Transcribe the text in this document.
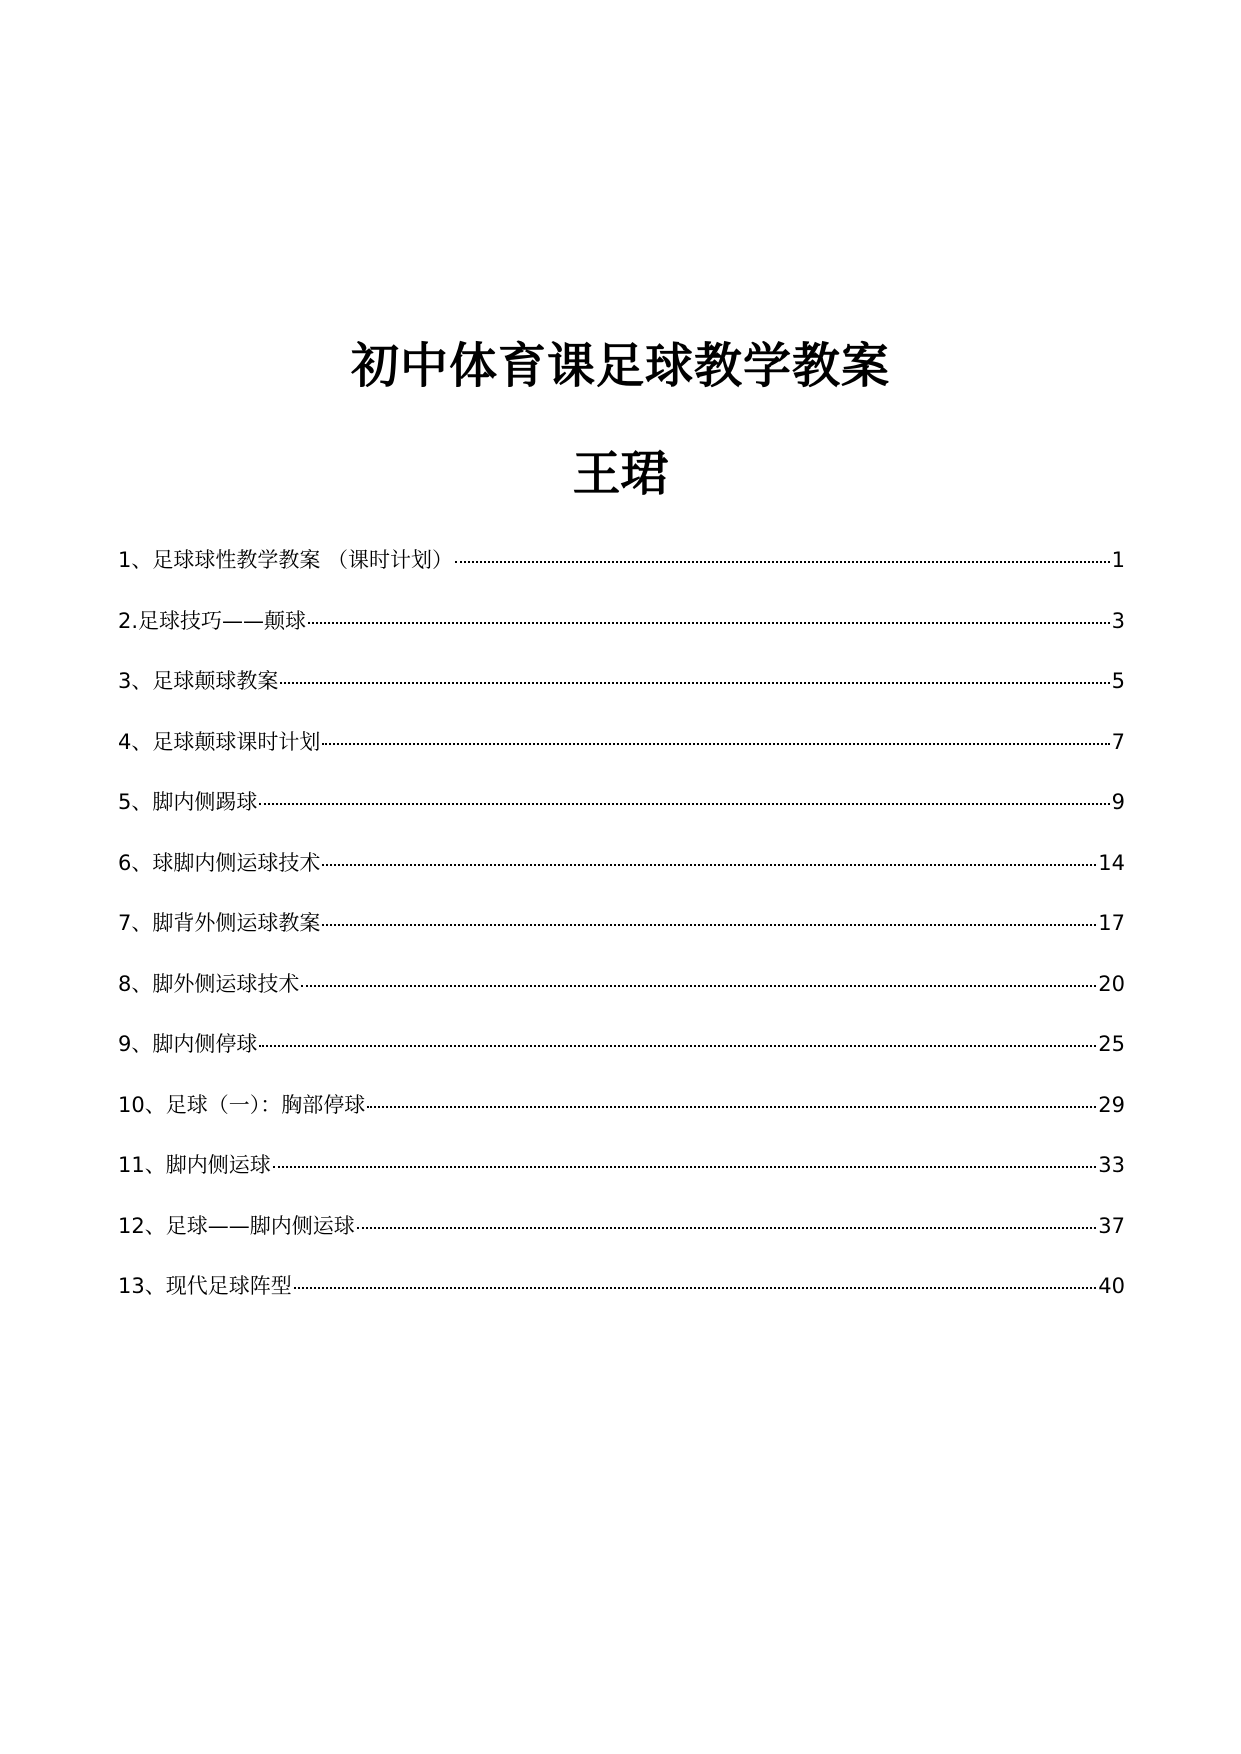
初中体育课足球教学教案
王珺
1、足球球性教学教案 （课时计划）	1
2.足球技巧——颠球	3
3、足球颠球教案	5
4、足球颠球课时计划	7
5、脚内侧踢球	9
6、球脚内侧运球技术	14
7、脚背外侧运球教案	17
8、脚外侧运球技术	20
9、脚内侧停球	25
10、足球（一）：胸部停球	29
11、脚内侧运球	33
12、足球——脚内侧运球	37
13、现代足球阵型	40
